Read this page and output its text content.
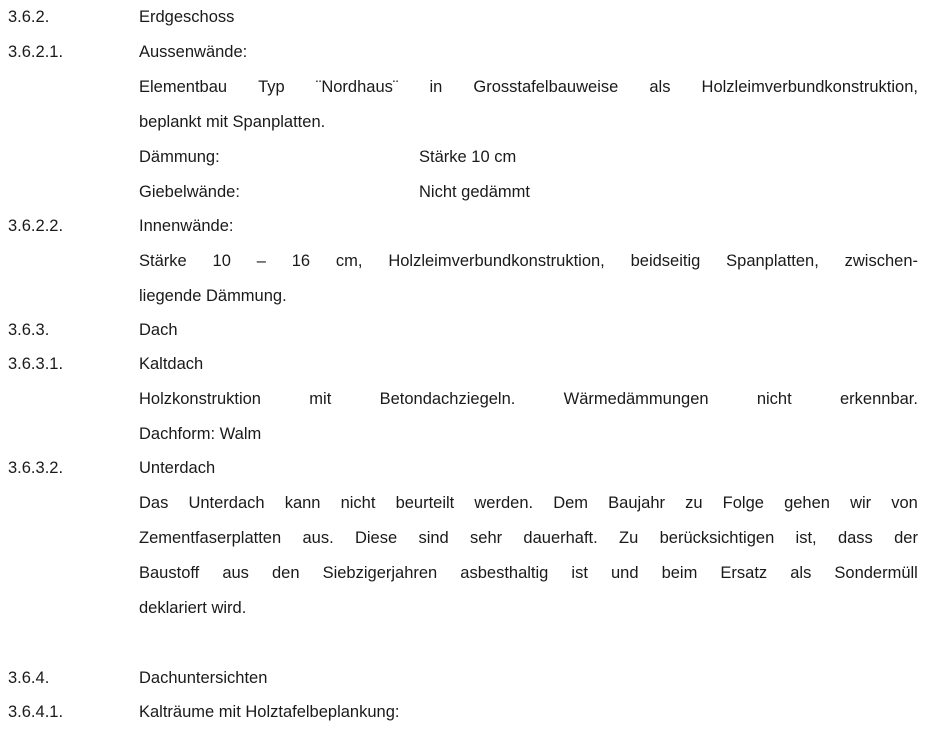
3.6.2.	Erdgeschoss
3.6.2.1.	Aussenwände:
Elementbau Typ ¨Nordhaus¨ in Grosstafelbauweise als Holzleimverbundkonstruktion,
beplankt mit Spanplatten.
Dämmung:	Stärke 10 cm
Giebelwände:	Nicht gedämmt
3.6.2.2.	Innenwände:
Stärke 10 – 16 cm, Holzleimverbundkonstruktion, beidseitig Spanplatten, zwischen-
liegende Dämmung.
3.6.3.	Dach
3.6.3.1.	Kaltdach
Holzkonstruktion	mit	Betondachziegeln.	Wärmedämmungen	nicht	erkennbar.
Dachform: Walm
3.6.3.2.	Unterdach
Das Unterdach kann nicht beurteilt werden. Dem Baujahr zu Folge gehen wir von
Zementfaserplatten aus. Diese sind sehr dauerhaft. Zu berücksichtigen ist, dass der
Baustoff aus den Siebzigerjahren asbesthaltig ist und beim Ersatz als Sondermüll
deklariert wird.
3.6.4.	Dachuntersichten
3.6.4.1.	Kalträume mit Holztafelbeplankung:
